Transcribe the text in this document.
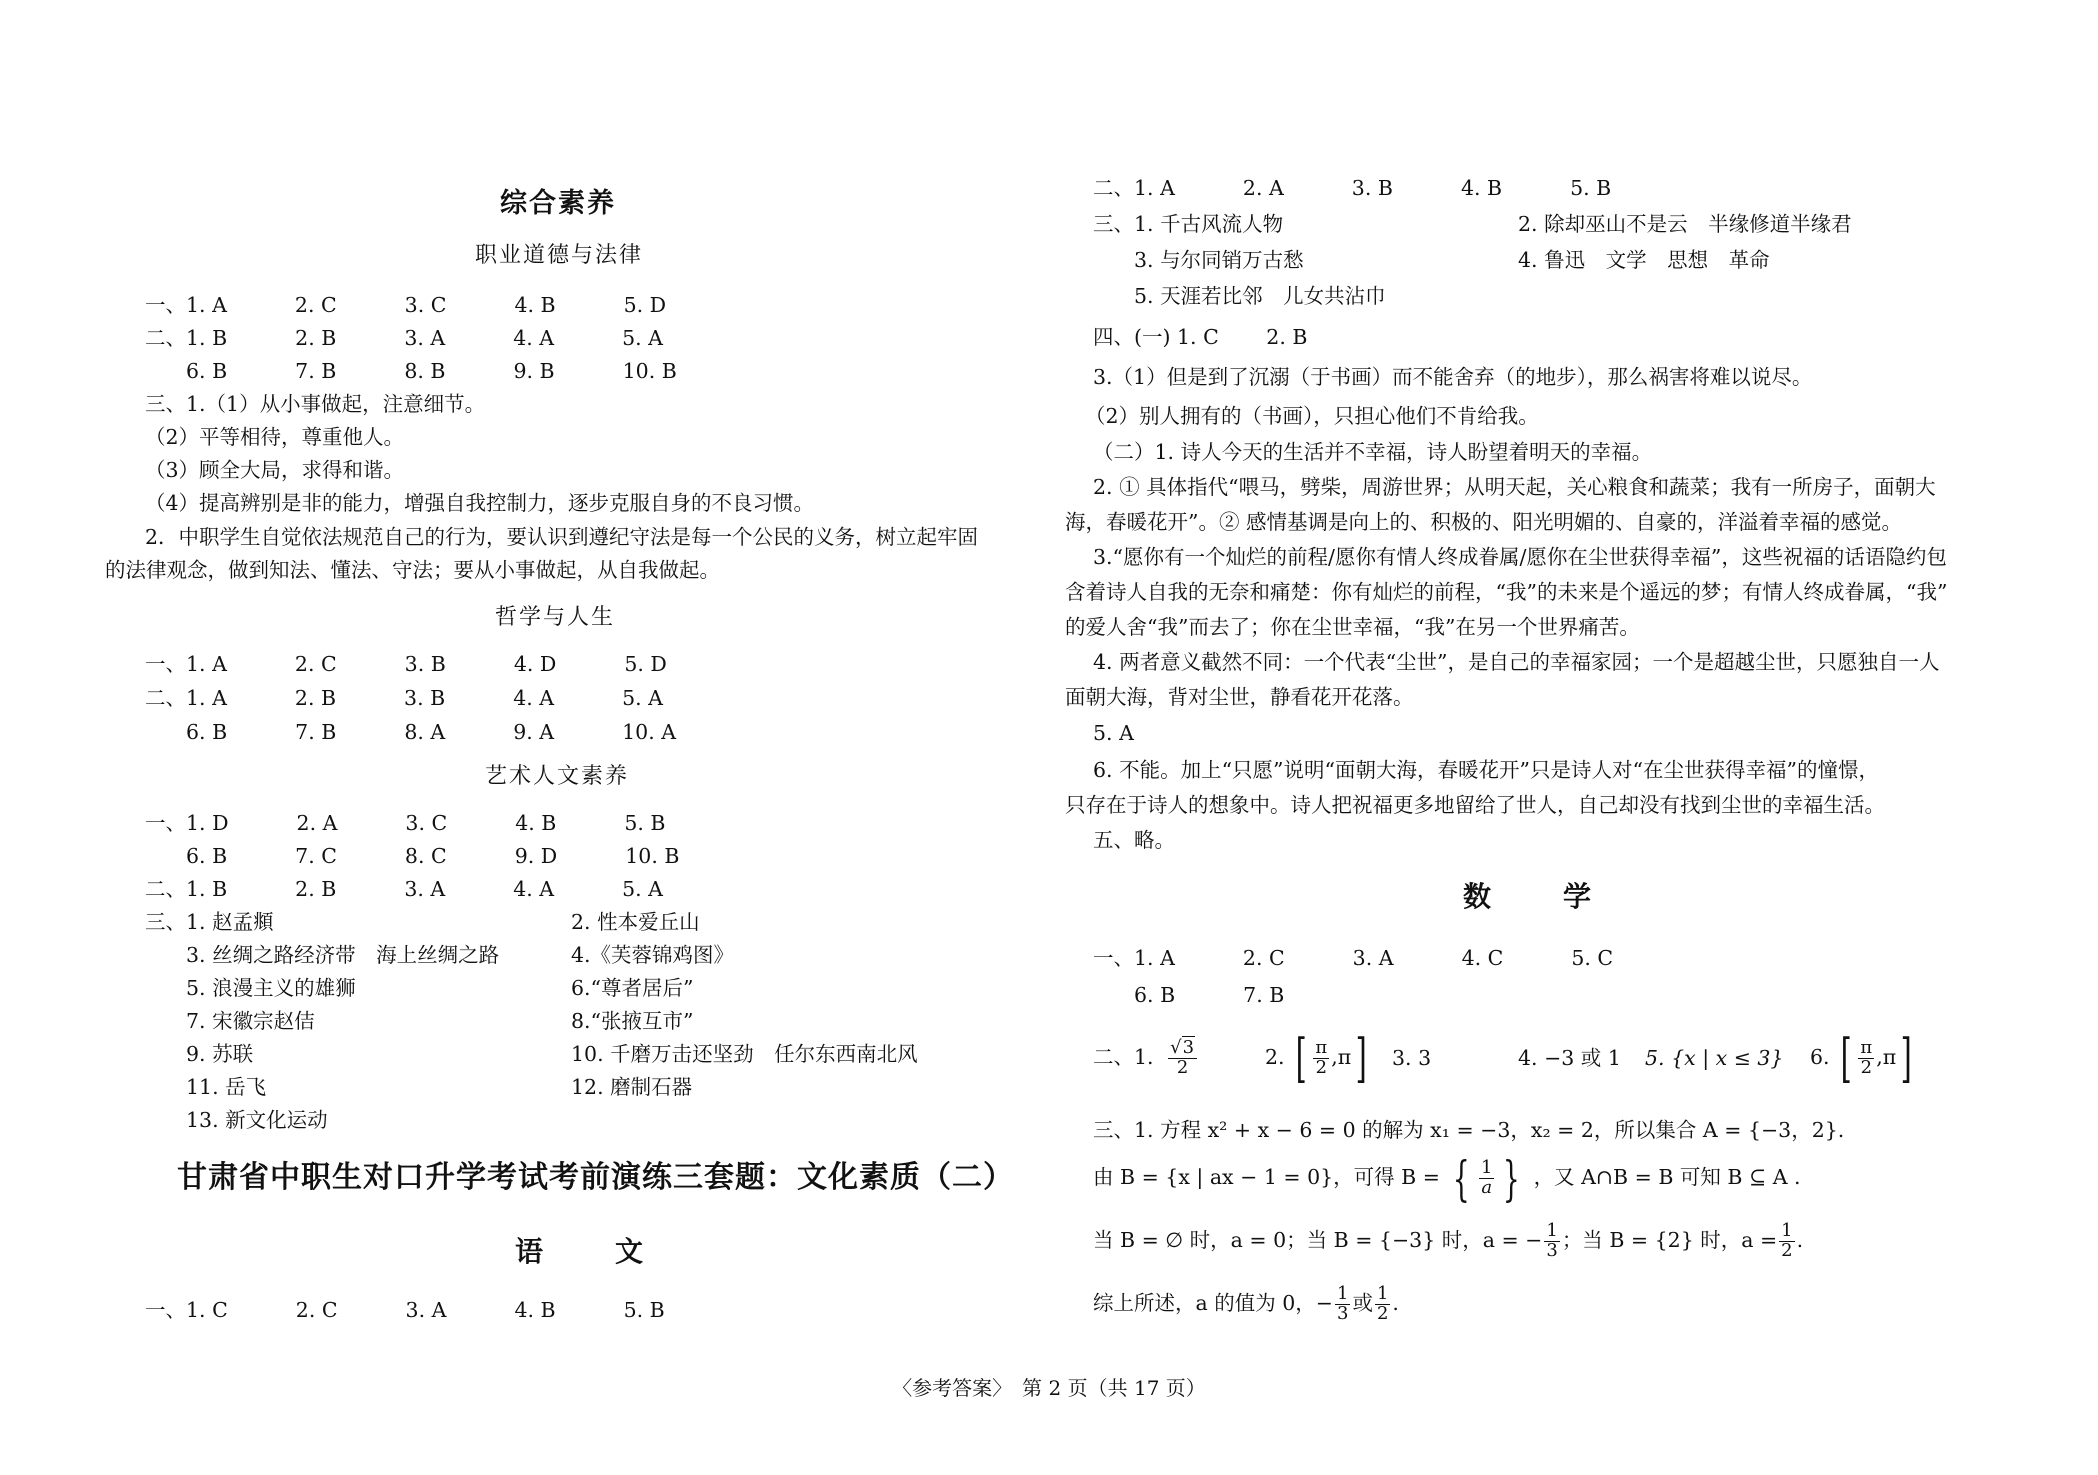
综合素养
职业道德与法律
一、1. A　　　 2. C　　　 3. C　　　 4. B　　　 5. D
二、1. B　　　 2. B　　　 3. A　　　 4. A　　　 5. A
　　6. B　　　 7. B　　　 8. B　　　 9. B　　　 10. B
三、1.（1）从小事做起，注意细节。
（2）平等相待，尊重他人。
（3）顾全大局，求得和谐。
（4）提高辨别是非的能力，增强自我控制力，逐步克服自身的不良习惯。
2．中职学生自觉依法规范自己的行为，要认识到遵纪守法是每一个公民的义务，树立起牢固
的法律观念，做到知法、懂法、守法；要从小事做起，从自我做起。
哲学与人生
一、1. A　　　 2. C　　　 3. B　　　 4. D　　　 5. D
二、1. A　　　 2. B　　　 3. B　　　 4. A　　　 5. A
　　6. B　　　 7. B　　　 8. A　　　 9. A　　　 10. A
艺术人文素养
一、1. D　　　 2. A　　　 3. C　　　 4. B　　　 5. B
　　6. B　　　 7. C　　　 8. C　　　 9. D　　　 10. B
二、1. B　　　 2. B　　　 3. A　　　 4. A　　　 5. A
三、1. 赵孟頫	2. 性本爱丘山
　　3. 丝绸之路经济带　海上丝绸之路	4.《芙蓉锦鸡图》
　　5. 浪漫主义的雄狮	6.“尊者居后”
　　7. 宋徽宗赵佶	8.“张掖互市”
　　9. 苏联	10. 千磨万击还坚劲　任尔东西南北风
　　11. 岳飞	12. 磨制石器
　　13. 新文化运动
甘肃省中职生对口升学考试考前演练三套题：文化素质（二）
语　文
一、1. C　　　 2. C　　　 3. A　　　 4. B　　　 5. B
二、1. A　　　 2. A　　　 3. B　　　 4. B　　　 5. B
三、1. 千古风流人物	2. 除却巫山不是云　半缘修道半缘君
　　3. 与尔同销万古愁	4. 鲁迅　文学　思想　革命
　　5. 天涯若比邻　儿女共沾巾
四、(一) 1. C　　 2. B
3.（1）但是到了沉溺（于书画）而不能舍弃（的地步），那么祸害将难以说尽。
（2）别人拥有的（书画），只担心他们不肯给我。
（二）1. 诗人今天的生活并不幸福，诗人盼望着明天的幸福。
2. ① 具体指代“喂马，劈柴，周游世界；从明天起，关心粮食和蔬菜；我有一所房子，面朝大
海，春暖花开”。② 感情基调是向上的、积极的、阳光明媚的、自豪的，洋溢着幸福的感觉。
3.“愿你有一个灿烂的前程/愿你有情人终成眷属/愿你在尘世获得幸福”，这些祝福的话语隐约包
含着诗人自我的无奈和痛楚：你有灿烂的前程，“我”的未来是个遥远的梦；有情人终成眷属，“我”
的爱人舍“我”而去了；你在尘世幸福，“我”在另一个世界痛苦。
4. 两者意义截然不同：一个代表“尘世”，是自己的幸福家园；一个是超越尘世，只愿独自一人
面朝大海，背对尘世，静看花开花落。
5. A
6. 不能。加上“只愿”说明“面朝大海，春暖花开”只是诗人对“在尘世获得幸福”的憧憬，
只存在于诗人的想象中。诗人把祝福更多地留给了世人，自己却没有找到尘世的幸福生活。
五、略。
数　学
一、1. A　　　 2. C　　　 3. A　　　 4. C　　　 5. C
　　6. B　　　 7. B
二、1. $\frac{√3}{2}$	2. [ $\frac{\pi}{2} ,\pi$] 3. 3	4. −3 或 1 5. {x | x ≤ 3} 6. [ $\frac{\pi}{2} ,\pi$]
三、1. 方程 x² + x − 6 = 0 的解为 x₁ = −3，x₂ = 2，所以集合 A = {−3，2}.
由 B = {x | ax − 1 = 0}，可得 B = { $\frac{1}{a}$ } ，又 A∩B = B 可知 B ⊆ A .
当 B = ∅ 时，a = 0；当 B = {−3} 时，a = − $\frac{1}{3}$ ；当 B = {2} 时，$a = \frac{1}{2}$ .
综上所述，a 的值为 0，− $\frac{1}{3}$ 或 $\frac{1}{2}$ .
〈参考答案〉　第 2 页（共 17 页）
